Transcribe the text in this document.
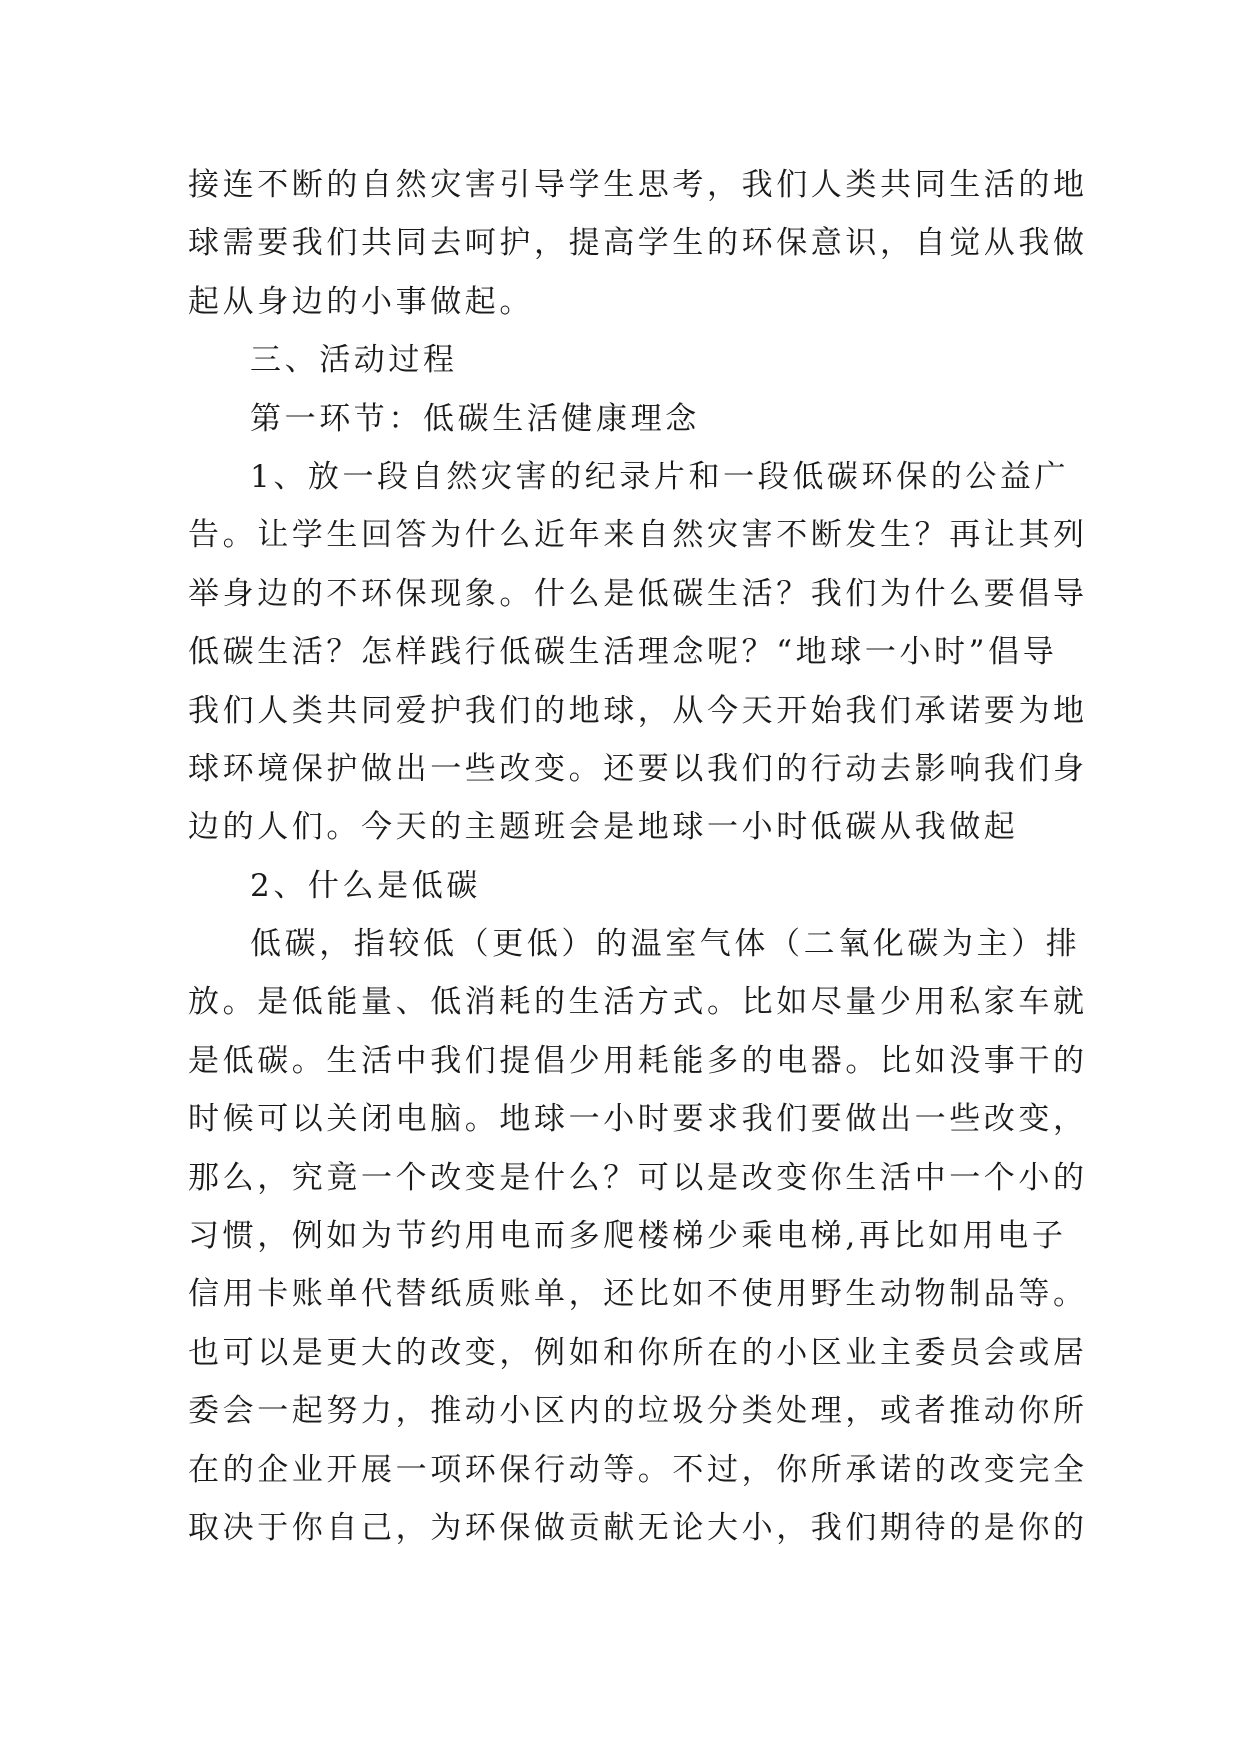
接连不断的自然灾害引导学生思考，我们人类共同生活的地
球需要我们共同去呵护，提高学生的环保意识，自觉从我做
起从身边的小事做起。
三、活动过程
第一环节：低碳生活健康理念
1、放一段自然灾害的纪录片和一段低碳环保的公益广
告。让学生回答为什么近年来自然灾害不断发生？再让其列
举身边的不环保现象。什么是低碳生活？我们为什么要倡导
低碳生活？怎样践行低碳生活理念呢？“地球一小时”倡导
我们人类共同爱护我们的地球，从今天开始我们承诺要为地
球环境保护做出一些改变。还要以我们的行动去影响我们身
边的人们。今天的主题班会是地球一小时低碳从我做起
2、什么是低碳
低碳，指较低（更低）的温室气体（二氧化碳为主）排
放。是低能量、低消耗的生活方式。比如尽量少用私家车就
是低碳。生活中我们提倡少用耗能多的电器。比如没事干的
时候可以关闭电脑。地球一小时要求我们要做出一些改变，
那么，究竟一个改变是什么？可以是改变你生活中一个小的
习惯，例如为节约用电而多爬楼梯少乘电梯,再比如用电子
信用卡账单代替纸质账单，还比如不使用野生动物制品等。
也可以是更大的改变，例如和你所在的小区业主委员会或居
委会一起努力，推动小区内的垃圾分类处理，或者推动你所
在的企业开展一项环保行动等。不过，你所承诺的改变完全
取决于你自己，为环保做贡献无论大小，我们期待的是你的
